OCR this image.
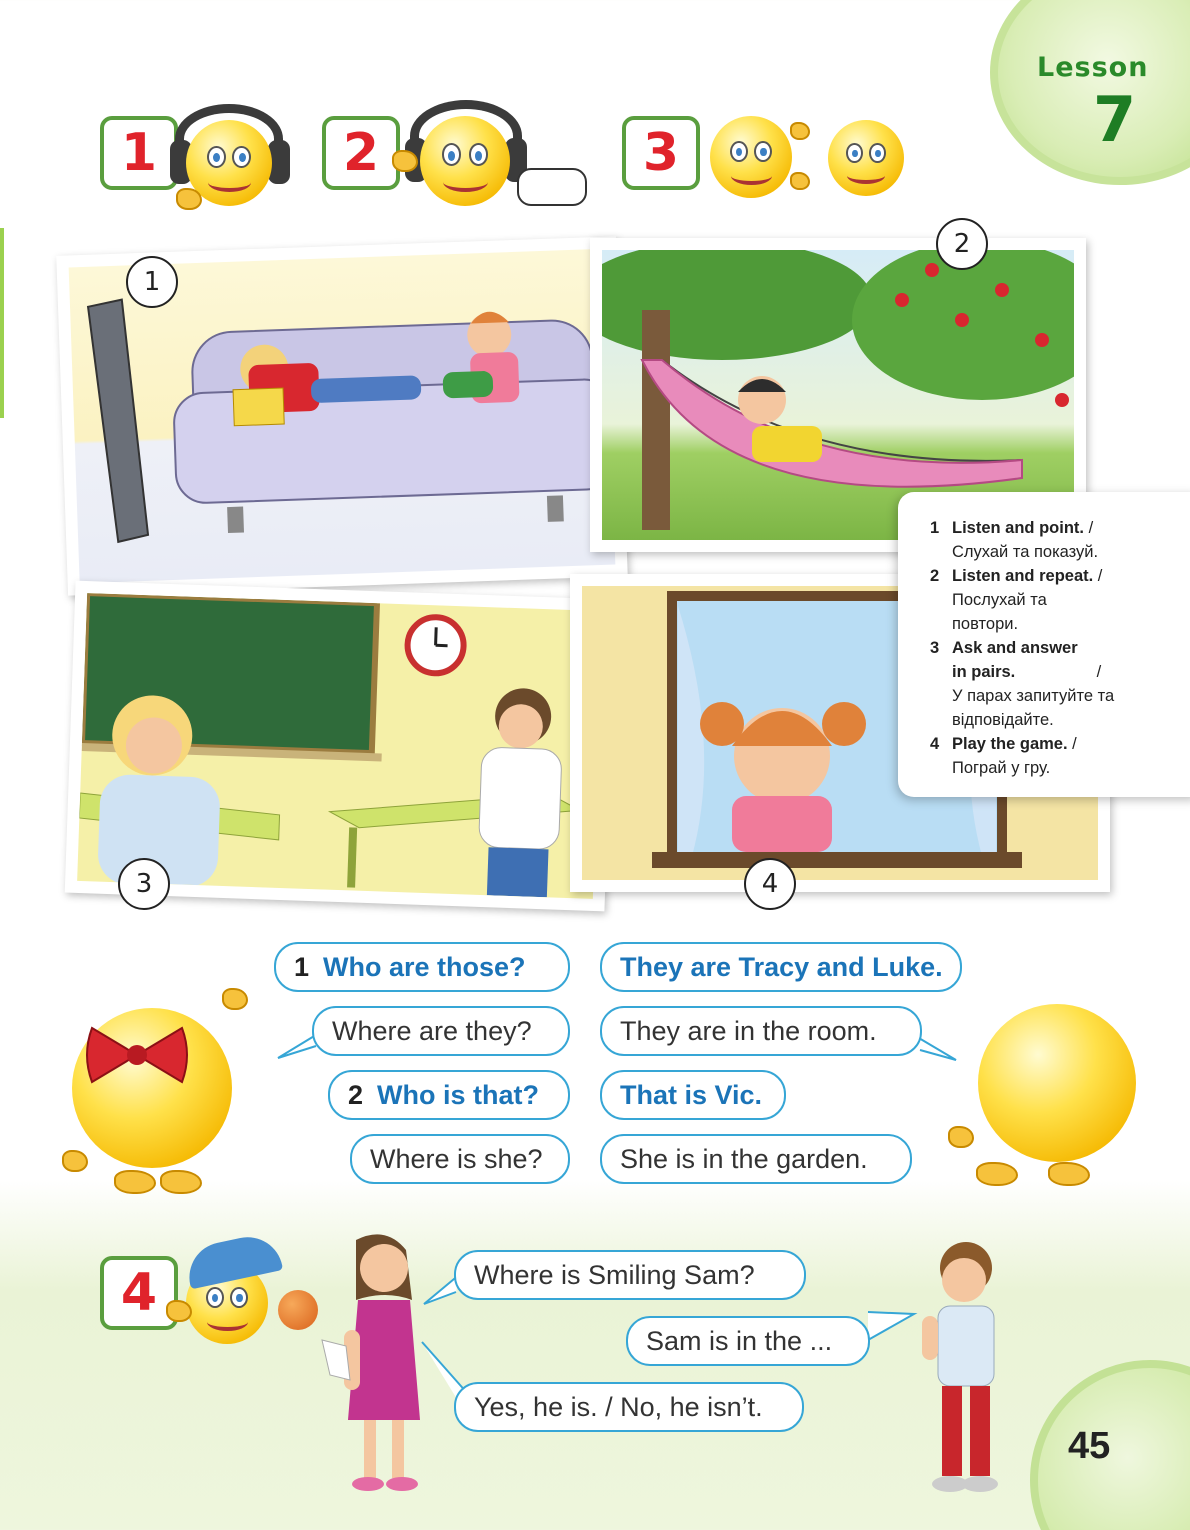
Lesson
7
1	2	3
1
2
3	4
1 Listen and point. /
Слухай та показуй.
2 Listen and repeat. /
Послухай та повтори.
3 Ask and answer in pairs.	/
У парах запитуйте та відповідайте.
4 Play the game. /
Пограй у гру.
1 Who are those?	They are Tracy and Luke.
Where are they?	They are in the room.
2 Who is that?	That is Vic.
Where is she?	She is in the garden.
4	Where is Smiling Sam?
Sam is in the ...
Yes, he is. / No, he isn’t.
45
